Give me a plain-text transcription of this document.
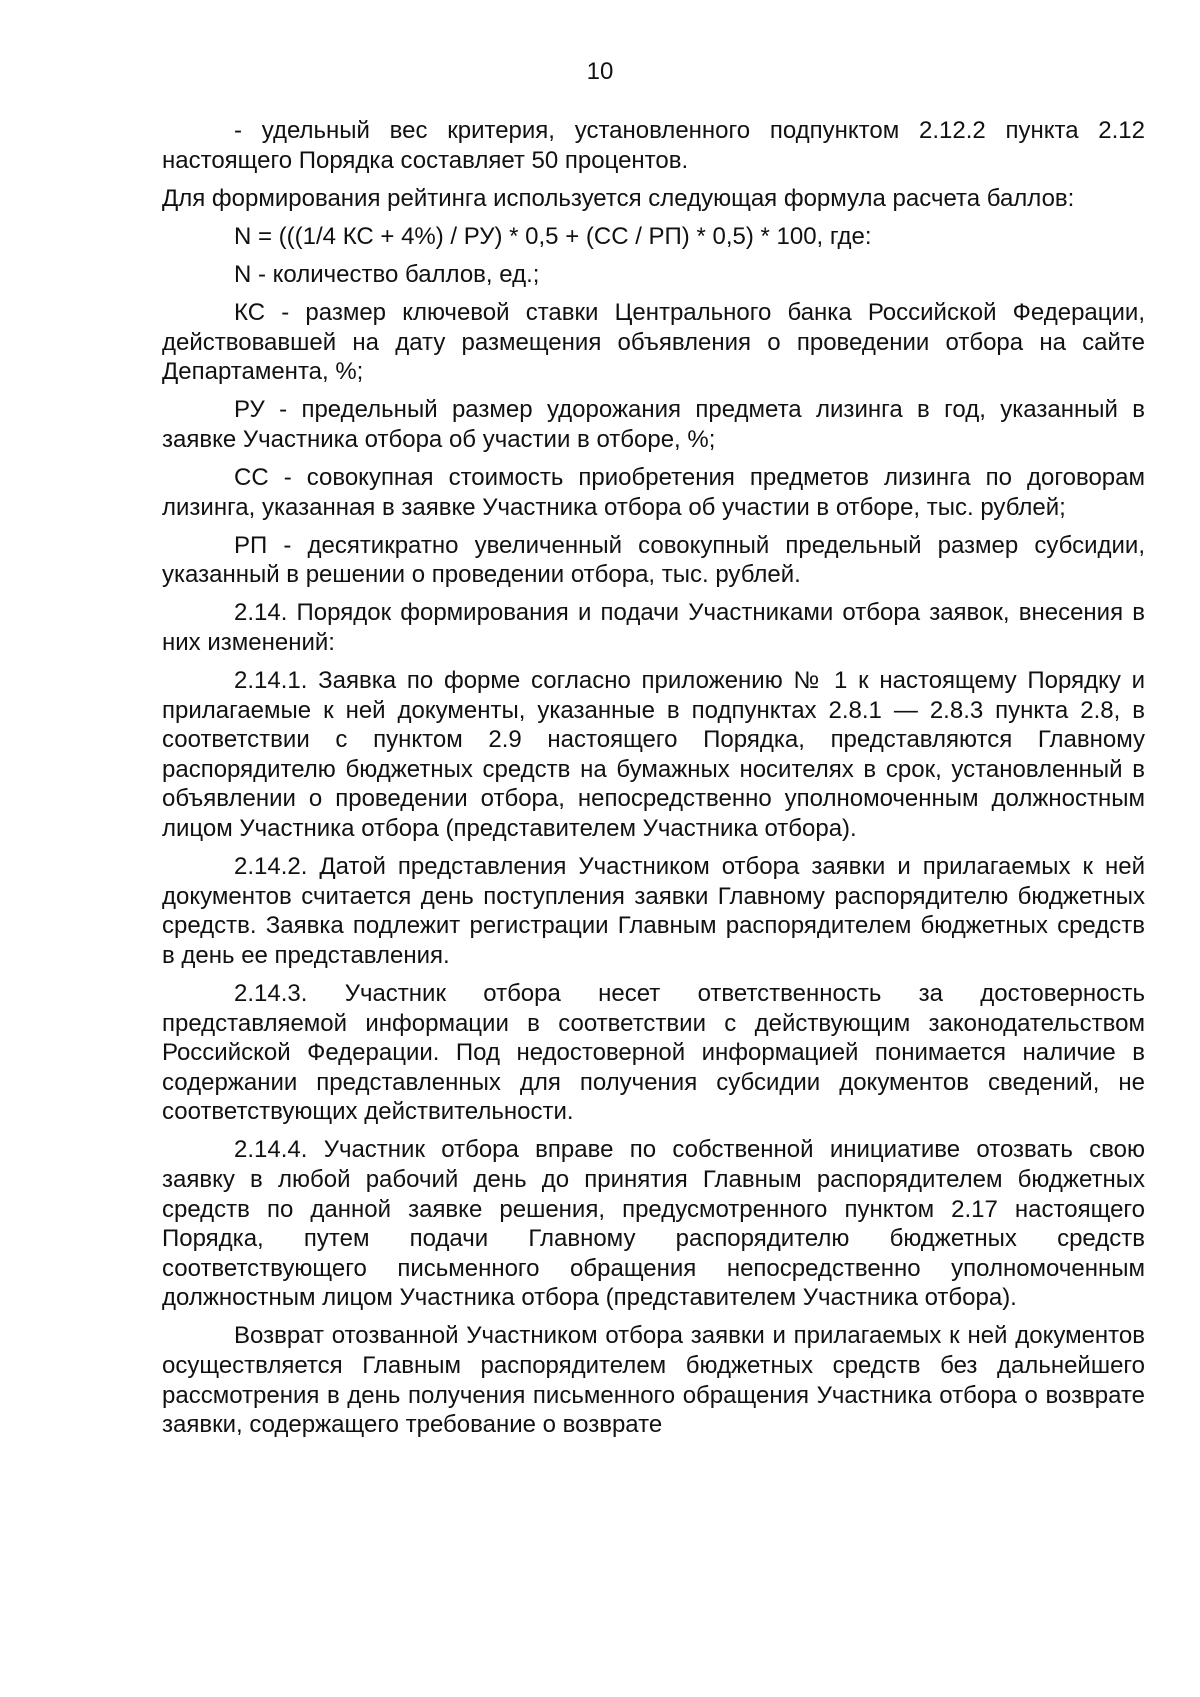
10

- удельный вес критерия, установленного подпунктом 2.12.2 пункта 2.12 настоящего Порядка составляет 50 процентов.

Для формирования рейтинга используется следующая формула расчета баллов:

N = (((1/4 КС + 4%) / РУ) * 0,5 + (СС / РП) * 0,5) * 100, где:

N - количество баллов, ед.;

КС - размер ключевой ставки Центрального банка Российской Федерации, действовавшей на дату размещения объявления о проведении отбора на сайте Департамента, %;

РУ - предельный размер удорожания предмета лизинга в год, указанный в заявке Участника отбора об участии в отборе, %;

СС - совокупная стоимость приобретения предметов лизинга по договорам лизинга, указанная в заявке Участника отбора об участии в отборе, тыс. рублей;

РП - десятикратно увеличенный совокупный предельный размер субсидии, указанный в решении о проведении отбора, тыс. рублей.

2.14. Порядок формирования и подачи Участниками отбора заявок, внесения в них изменений:

2.14.1. Заявка по форме согласно приложению № 1 к настоящему Порядку и прилагаемые к ней документы, указанные в подпунктах 2.8.1 — 2.8.3 пункта 2.8, в соответствии с пунктом 2.9 настоящего Порядка, представляются Главному распорядителю бюджетных средств на бумажных носителях в срок, установленный в объявлении о проведении отбора, непосредственно уполномоченным должностным лицом Участника отбора (представителем Участника отбора).

2.14.2. Датой представления Участником отбора заявки и прилагаемых к ней документов считается день поступления заявки Главному распорядителю бюджетных средств. Заявка подлежит регистрации Главным распорядителем бюджетных средств в день ее представления.

2.14.3. Участник отбора несет ответственность за достоверность представляемой информации в соответствии с действующим законодательством Российской Федерации. Под недостоверной информацией понимается наличие в содержании представленных для получения субсидии документов сведений, не соответствующих действительности.

2.14.4. Участник отбора вправе по собственной инициативе отозвать свою заявку в любой рабочий день до принятия Главным распорядителем бюджетных средств по данной заявке решения, предусмотренного пунктом 2.17 настоящего Порядка, путем подачи Главному распорядителю бюджетных средств соответствующего письменного обращения непосредственно уполномоченным должностным лицом Участника отбора (представителем Участника отбора).

Возврат отозванной Участником отбора заявки и прилагаемых к ней документов осуществляется Главным распорядителем бюджетных средств без дальнейшего рассмотрения в день получения письменного обращения Участника отбора о возврате заявки, содержащего требование о возврате
